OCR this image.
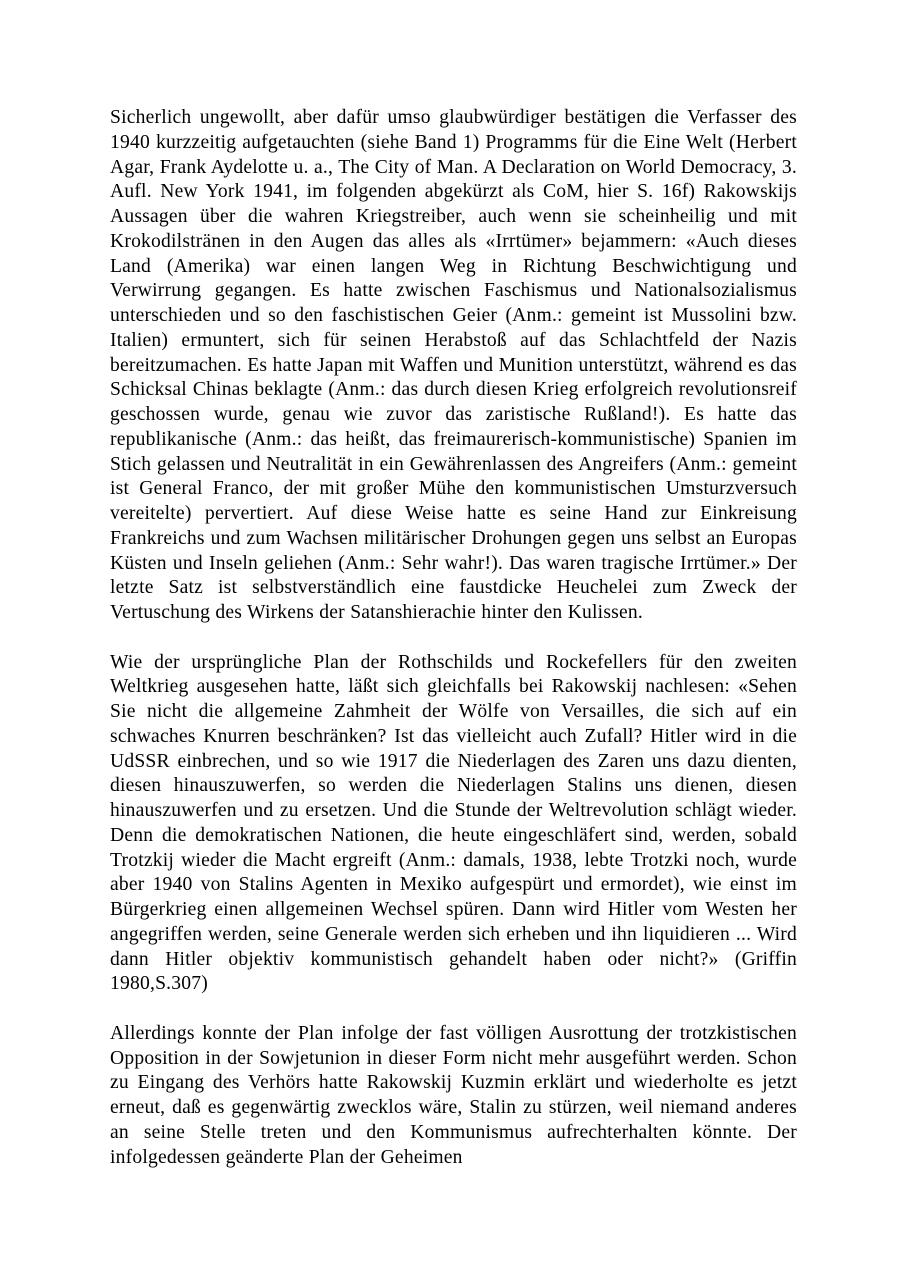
Sicherlich ungewollt, aber dafür umso glaubwürdiger bestätigen die Verfasser des 1940 kurzzeitig aufgetauchten (siehe Band 1) Programms für die Eine Welt (Herbert Agar, Frank Aydelotte u. a., The City of Man. A Declaration on World Democracy, 3. Aufl. New York 1941, im folgenden abgekürzt als CoM, hier S. 16f) Rakowskijs Aussagen über die wahren Kriegstreiber, auch wenn sie scheinheilig und mit Krokodilstränen in den Augen das alles als «Irrtümer» bejammern: «Auch dieses Land (Amerika) war einen langen Weg in Richtung Beschwichtigung und Verwirrung gegangen. Es hatte zwischen Faschismus und Nationalsozialismus unterschieden und so den faschistischen Geier (Anm.: gemeint ist Mussolini bzw. Italien) ermuntert, sich für seinen Herabstoß auf das Schlachtfeld der Nazis bereitzumachen. Es hatte Japan mit Waffen und Munition unterstützt, während es das Schicksal Chinas beklagte (Anm.: das durch diesen Krieg erfolgreich revolutionsreif geschossen wurde, genau wie zuvor das zaristische Rußland!). Es hatte das republikanische (Anm.: das heißt, das freimaurerisch-kommunistische) Spanien im Stich gelassen und Neutralität in ein Gewährenlassen des Angreifers (Anm.: gemeint ist General Franco, der mit großer Mühe den kommunistischen Umsturzversuch vereitelte) pervertiert. Auf diese Weise hatte es seine Hand zur Einkreisung Frankreichs und zum Wachsen militärischer Drohungen gegen uns selbst an Europas Küsten und Inseln geliehen (Anm.: Sehr wahr!). Das waren tragische Irrtümer.» Der letzte Satz ist selbstverständlich eine faustdicke Heuchelei zum Zweck der Vertuschung des Wirkens der Satanshierachie hinter den Kulissen.

Wie der ursprüngliche Plan der Rothschilds und Rockefellers für den zweiten Weltkrieg ausgesehen hatte, läßt sich gleichfalls bei Rakowskij nachlesen: «Sehen Sie nicht die allgemeine Zahmheit der Wölfe von Versailles, die sich auf ein schwaches Knurren beschränken? Ist das vielleicht auch Zufall? Hitler wird in die UdSSR einbrechen, und so wie 1917 die Niederlagen des Zaren uns dazu dienten, diesen hinauszuwerfen, so werden die Niederlagen Stalins uns dienen, diesen hinauszuwerfen und zu ersetzen. Und die Stunde der Weltrevolution schlägt wieder. Denn die demokratischen Nationen, die heute eingeschläfert sind, werden, sobald Trotzkij wieder die Macht ergreift (Anm.: damals, 1938, lebte Trotzki noch, wurde aber 1940 von Stalins Agenten in Mexiko aufgespürt und ermordet), wie einst im Bürgerkrieg einen allgemeinen Wechsel spüren. Dann wird Hitler vom Westen her angegriffen werden, seine Generale werden sich erheben und ihn liquidieren ... Wird dann Hitler objektiv kommunistisch gehandelt haben oder nicht?» (Griffin 1980,S.307)

Allerdings konnte der Plan infolge der fast völligen Ausrottung der trotzkistischen Opposition in der Sowjetunion in dieser Form nicht mehr ausgeführt werden. Schon zu Eingang des Verhörs hatte Rakowskij Kuzmin erklärt und wiederholte es jetzt erneut, daß es gegenwärtig zwecklos wäre, Stalin zu stürzen, weil niemand anderes an seine Stelle treten und den Kommunismus aufrechterhalten könnte. Der infolgedessen geänderte Plan der Geheimen
